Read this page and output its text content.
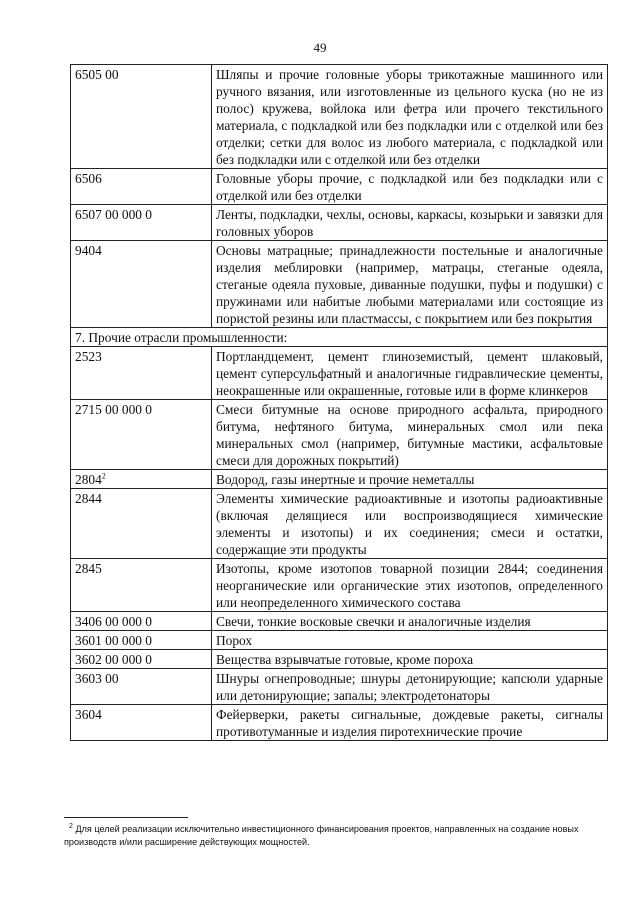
49
6505 00	Шляпы и прочие головные уборы трикотажные машинного или ручного вязания, или изготовленные из цельного куска (но не из полос) кружева, войлока или фетра или прочего текстильного материала, с подкладкой или без подкладки или с отделкой или без отделки; сетки для волос из любого материала, с подкладкой или без подкладки или с отделкой или без отделки
6506	Головные уборы прочие, с подкладкой или без подкладки или с отделкой или без отделки
6507 00 000 0	Ленты, подкладки, чехлы, основы, каркасы, козырьки и завязки для головных уборов
9404	Основы матрацные; принадлежности постельные и аналогичные изделия меблировки (например, матрацы, стеганые одеяла, стеганые одеяла пуховые, диванные подушки, пуфы и подушки) с пружинами или набитые любыми материалами или состоящие из пористой резины или пластмассы, с покрытием или без покрытия
7. Прочие отрасли промышленности:	
2523	Портландцемент, цемент глиноземистый, цемент шлаковый, цемент суперсульфатный и аналогичные гидравлические цементы, неокрашенные или окрашенные, готовые или в форме клинкеров
2715 00 000 0	Смеси битумные на основе природного асфальта, природного битума, нефтяного битума, минеральных смол или пека минеральных смол (например, битумные мастики, асфальтовые смеси для дорожных покрытий)
2804$^2$	Водород, газы инертные и прочие неметаллы
2844	Элементы химические радиоактивные и изотопы радиоактивные (включая делящиеся или воспроизводящиеся химические элементы и изотопы) и их соединения; смеси и остатки, содержащие эти продукты
2845	Изотопы, кроме изотопов товарной позиции 2844; соединения неорганические или органические этих изотопов, определенного или неопределенного химического состава
3406 00 000 0	Свечи, тонкие восковые свечки и аналогичные изделия
3601 00 000 0	Порох
3602 00 000 0	Вещества взрывчатые готовые, кроме пороха
3603 00	Шнуры огнепроводные; шнуры детонирующие; капсюли ударные или детонирующие; запалы; электродетонаторы
3604	Фейерверки, ракеты сигнальные, дождевые ракеты, сигналы противотуманные и изделия пиротехнические прочие
$^2$ Для целей реализации исключительно инвестиционного финансирования проектов, направленных на создание новых производств и/или расширение действующих мощностей.
